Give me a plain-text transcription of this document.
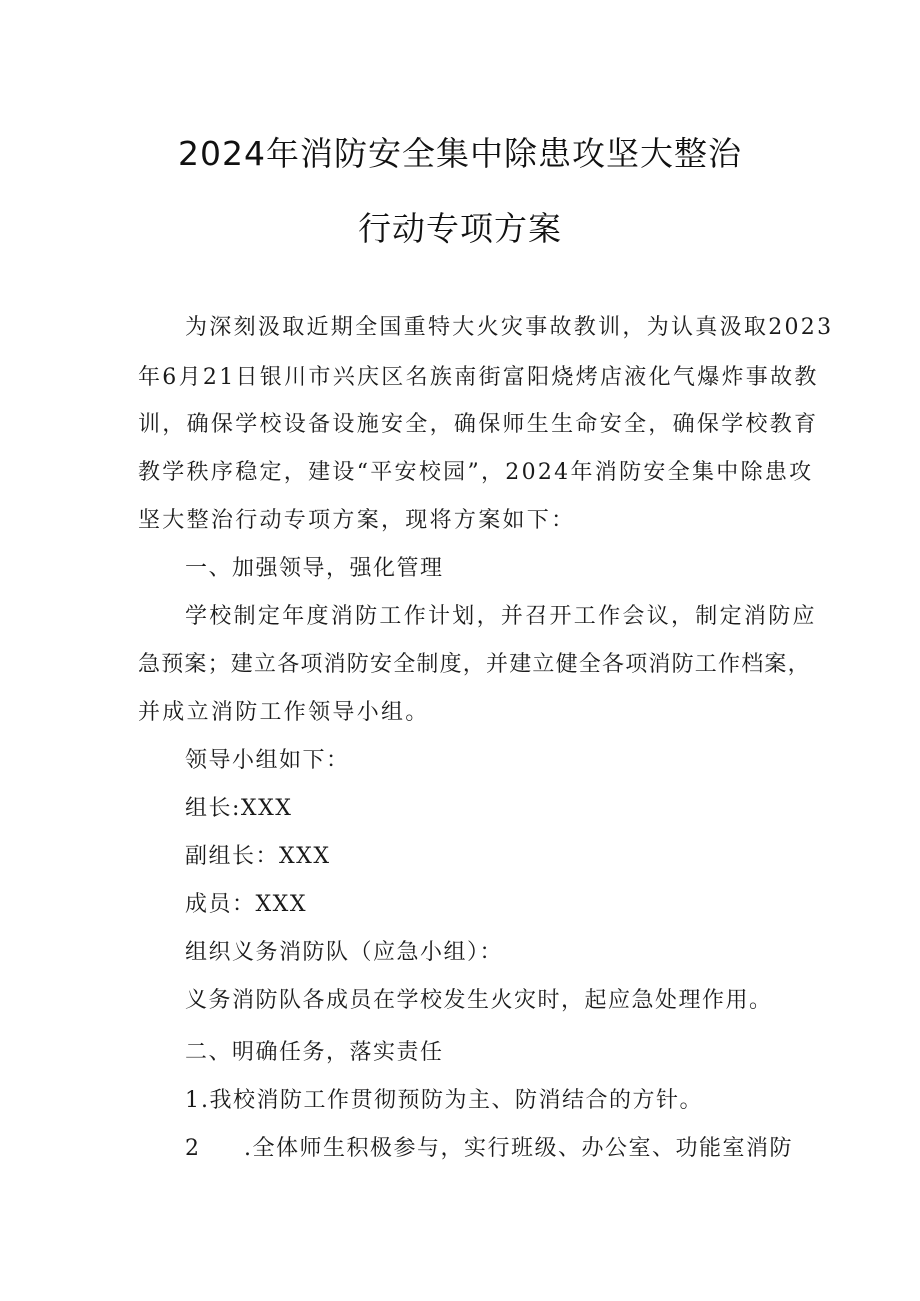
2024年消防安全集中除患攻坚大整治
行动专项方案
为深刻汲取近期全国重特大火灾事故教训，为认真汲取2023
年6月21日银川市兴庆区名族南街富阳烧烤店液化气爆炸事故教
训，确保学校设备设施安全，确保师生生命安全，确保学校教育
教学秩序稳定，建设“平安校园”，2024年消防安全集中除患攻
坚大整治行动专项方案，现将方案如下：
一、加强领导，强化管理
学校制定年度消防工作计划，并召开工作会议，制定消防应
急预案；建立各项消防安全制度，并建立健全各项消防工作档案，
并成立消防工作领导小组。
领导小组如下：
组长:XXX
副组长：XXX
成员：XXX
组织义务消防队（应急小组）：
义务消防队各成员在学校发生火灾时，起应急处理作用。
二、明确任务，落实责任
1 .我校消防工作贯彻预防为主、防消结合的方针。
2 .全体师生积极参与，实行班级、办公室、功能室消防
